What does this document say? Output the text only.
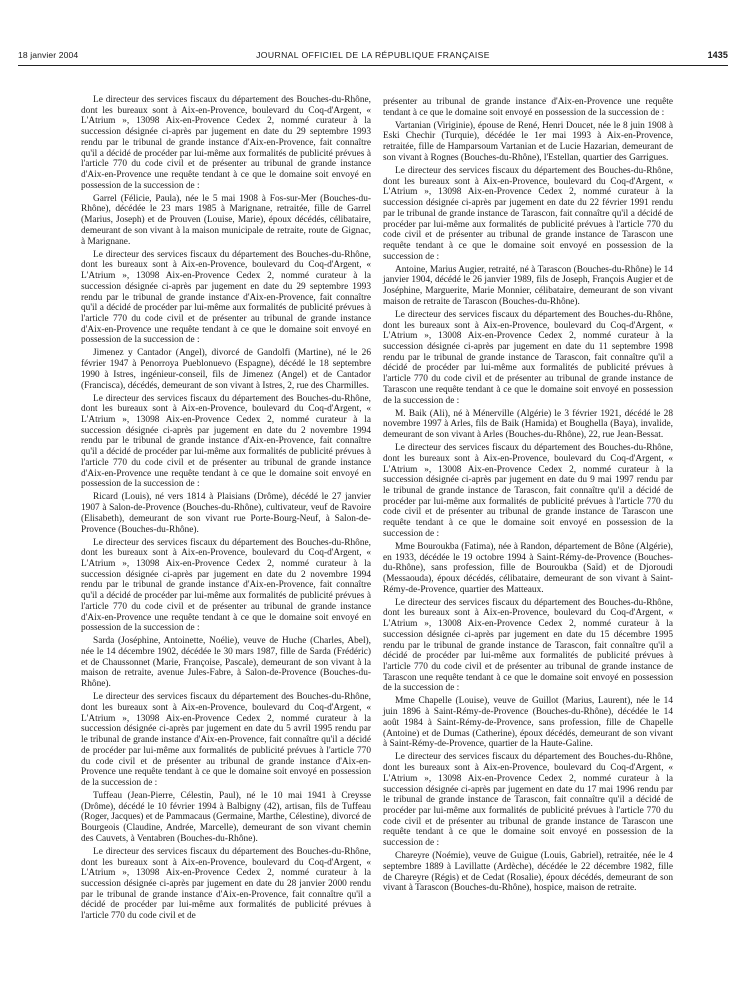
18 janvier 2004	JOURNAL OFFICIEL DE LA RÉPUBLIQUE FRANÇAISE	1435

Le directeur des services fiscaux du département des Bouches-du-Rhône, dont les bureaux sont à Aix-en-Provence, boulevard du Coq-d'Argent, « L'Atrium », 13098 Aix-en-Provence Cedex 2, nommé curateur à la succession désignée ci-après par jugement en date du 29 septembre 1993 rendu par le tribunal de grande instance d'Aix-en-Provence, fait connaître qu'il a décidé de procéder par lui-même aux formalités de publicité prévues à l'article 770 du code civil et de présenter au tribunal de grande instance d'Aix-en-Provence une requête tendant à ce que le domaine soit envoyé en possession de la succession de :

Garrel (Félicie, Paula), née le 5 mai 1908 à Fos-sur-Mer (Bouches-du-Rhône), décédée le 23 mars 1985 à Marignane, retraitée, fille de Garrel (Marius, Joseph) et de Prouven (Louise, Marie), époux décédés, célibataire, demeurant de son vivant à la maison municipale de retraite, route de Gignac, à Marignane.

Le directeur des services fiscaux du département des Bouches-du-Rhône, dont les bureaux sont à Aix-en-Provence, boulevard du Coq-d'Argent, « L'Atrium », 13098 Aix-en-Provence Cedex 2, nommé curateur à la succession désignée ci-après par jugement en date du 29 septembre 1993 rendu par le tribunal de grande instance d'Aix-en-Provence, fait connaître qu'il a décidé de procéder par lui-même aux formalités de publicité prévues à l'article 770 du code civil et de présenter au tribunal de grande instance d'Aix-en-Provence une requête tendant à ce que le domaine soit envoyé en possession de la succession de :

Jimenez y Cantador (Angel), divorcé de Gandolfi (Martine), né le 26 février 1947 à Penorroya Pueblonuevo (Espagne), décédé le 18 septembre 1990 à Istres, ingénieur-conseil, fils de Jimenez (Angel) et de Cantador (Francisca), décédés, demeurant de son vivant à Istres, 2, rue des Charmilles.

Le directeur des services fiscaux du département des Bouches-du-Rhône, dont les bureaux sont à Aix-en-Provence, boulevard du Coq-d'Argent, « L'Atrium », 13098 Aix-en-Provence Cedex 2, nommé curateur à la succession désignée ci-après par jugement en date du 2 novembre 1994 rendu par le tribunal de grande instance d'Aix-en-Provence, fait connaître qu'il a décidé de procéder par lui-même aux formalités de publicité prévues à l'article 770 du code civil et de présenter au tribunal de grande instance d'Aix-en-Provence une requête tendant à ce que le domaine soit envoyé en possession de la succession de :

Ricard (Louis), né vers 1814 à Plaisians (Drôme), décédé le 27 janvier 1907 à Salon-de-Provence (Bouches-du-Rhône), cultivateur, veuf de Ravoire (Elisabeth), demeurant de son vivant rue Porte-Bourg-Neuf, à Salon-de-Provence (Bouches-du-Rhône).

Le directeur des services fiscaux du département des Bouches-du-Rhône, dont les bureaux sont à Aix-en-Provence, boulevard du Coq-d'Argent, « L'Atrium », 13098 Aix-en-Provence Cedex 2, nommé curateur à la succession désignée ci-après par jugement en date du 2 novembre 1994 rendu par le tribunal de grande instance d'Aix-en-Provence, fait connaître qu'il a décidé de procéder par lui-même aux formalités de publicité prévues à l'article 770 du code civil et de présenter au tribunal de grande instance d'Aix-en-Provence une requête tendant à ce que le domaine soit envoyé en possession de la succession de :

Sarda (Joséphine, Antoinette, Noélie), veuve de Huche (Charles, Abel), née le 14 décembre 1902, décédée le 30 mars 1987, fille de Sarda (Frédéric) et de Chaussonnet (Marie, Françoise, Pascale), demeurant de son vivant à la maison de retraite, avenue Jules-Fabre, à Salon-de-Provence (Bouches-du-Rhône).

Le directeur des services fiscaux du département des Bouches-du-Rhône, dont les bureaux sont à Aix-en-Provence, boulevard du Coq-d'Argent, « L'Atrium », 13098 Aix-en-Provence Cedex 2, nommé curateur à la succession désignée ci-après par jugement en date du 5 avril 1995 rendu par le tribunal de grande instance d'Aix-en-Provence, fait connaître qu'il a décidé de procéder par lui-même aux formalités de publicité prévues à l'article 770 du code civil et de présenter au tribunal de grande instance d'Aix-en-Provence une requête tendant à ce que le domaine soit envoyé en possession de la succession de :

Tuffeau (Jean-Pierre, Célestin, Paul), né le 10 mai 1941 à Creysse (Drôme), décédé le 10 février 1994 à Balbigny (42), artisan, fils de Tuffeau (Roger, Jacques) et de Pammacaus (Germaine, Marthe, Célestine), divorcé de Bourgeois (Claudine, Andrée, Marcelle), demeurant de son vivant chemin des Cauvets, à Ventabren (Bouches-du-Rhône).

Le directeur des services fiscaux du département des Bouches-du-Rhône, dont les bureaux sont à Aix-en-Provence, boulevard du Coq-d'Argent, « L'Atrium », 13098 Aix-en-Provence Cedex 2, nommé curateur à la succession désignée ci-après par jugement en date du 28 janvier 2000 rendu par le tribunal de grande instance d'Aix-en-Provence, fait connaître qu'il a décidé de procéder par lui-même aux formalités de publicité prévues à l'article 770 du code civil et de

présenter au tribunal de grande instance d'Aix-en-Provence une requête tendant à ce que le domaine soit envoyé en possession de la succession de :

Vartanian (Viriginie), épouse de René, Henri Doucet, née le 8 juin 1908 à Eski Chechir (Turquie), décédée le 1er mai 1993 à Aix-en-Provence, retraitée, fille de Hamparsoum Vartanian et de Lucie Hazarian, demeurant de son vivant à Rognes (Bouches-du-Rhône), l'Estellan, quartier des Garrigues.

Le directeur des services fiscaux du département des Bouches-du-Rhône, dont les bureaux sont à Aix-en-Provence, boulevard du Coq-d'Argent, « L'Atrium », 13098 Aix-en-Provence Cedex 2, nommé curateur à la succession désignée ci-après par jugement en date du 22 février 1991 rendu par le tribunal de grande instance de Tarascon, fait connaître qu'il a décidé de procéder par lui-même aux formalités de publicité prévues à l'article 770 du code civil et de présenter au tribunal de grande instance de Tarascon une requête tendant à ce que le domaine soit envoyé en possession de la succession de :

Antoine, Marius Augier, retraité, né à Tarascon (Bouches-du-Rhône) le 14 janvier 1904, décédé le 26 janvier 1989, fils de Joseph, François Augier et de Joséphine, Marguerite, Marie Monnier, célibataire, demeurant de son vivant maison de retraite de Tarascon (Bouches-du-Rhône).

Le directeur des services fiscaux du département des Bouches-du-Rhône, dont les bureaux sont à Aix-en-Provence, boulevard du Coq-d'Argent, « L'Atrium », 13008 Aix-en-Provence Cedex 2, nommé curateur à la succession désignée ci-après par jugement en date du 11 septembre 1998 rendu par le tribunal de grande instance de Tarascon, fait connaître qu'il a décidé de procéder par lui-même aux formalités de publicité prévues à l'article 770 du code civil et de présenter au tribunal de grande instance de Tarascon une requête tendant à ce que le domaine soit envoyé en possession de la succession de :

M. Baik (Ali), né à Ménerville (Algérie) le 3 février 1921, décédé le 28 novembre 1997 à Arles, fils de Baik (Hamida) et Boughella (Baya), invalide, demeurant de son vivant à Arles (Bouches-du-Rhône), 22, rue Jean-Bessat.

Le directeur des services fiscaux du département des Bouches-du-Rhône, dont les bureaux sont à Aix-en-Provence, boulevard du Coq-d'Argent, « L'Atrium », 13008 Aix-en-Provence Cedex 2, nommé curateur à la succession désignée ci-après par jugement en date du 9 mai 1997 rendu par le tribunal de grande instance de Tarascon, fait connaître qu'il a décidé de procéder par lui-même aux formalités de publicité prévues à l'article 770 du code civil et de présenter au tribunal de grande instance de Tarascon une requête tendant à ce que le domaine soit envoyé en possession de la succession de :

Mme Bouroukba (Fatima), née à Randon, département de Bône (Algérie), en 1933, décédée le 19 octobre 1994 à Saint-Rémy-de-Provence (Bouches-du-Rhône), sans profession, fille de Bouroukba (Saïd) et de Djoroudi (Messaouda), époux décédés, célibataire, demeurant de son vivant à Saint-Rémy-de-Provence, quartier des Matteaux.

Le directeur des services fiscaux du département des Bouches-du-Rhône, dont les bureaux sont à Aix-en-Provence, boulevard du Coq-d'Argent, « L'Atrium », 13008 Aix-en-Provence Cedex 2, nommé curateur à la succession désignée ci-après par jugement en date du 15 décembre 1995 rendu par le tribunal de grande instance de Tarascon, fait connaître qu'il a décidé de procéder par lui-même aux formalités de publicité prévues à l'article 770 du code civil et de présenter au tribunal de grande instance de Tarascon une requête tendant à ce que le domaine soit envoyé en possession de la succession de :

Mme Chapelle (Louise), veuve de Guillot (Marius, Laurent), née le 14 juin 1896 à Saint-Rémy-de-Provence (Bouches-du-Rhône), décédée le 14 août 1984 à Saint-Rémy-de-Provence, sans profession, fille de Chapelle (Antoine) et de Dumas (Catherine), époux décédés, demeurant de son vivant à Saint-Rémy-de-Provence, quartier de la Haute-Galine.

Le directeur des services fiscaux du département des Bouches-du-Rhône, dont les bureaux sont à Aix-en-Provence, boulevard du Coq-d'Argent, « L'Atrium », 13098 Aix-en-Provence Cedex 2, nommé curateur à la succession désignée ci-après par jugement en date du 17 mai 1996 rendu par le tribunal de grande instance de Tarascon, fait connaître qu'il a décidé de procéder par lui-même aux formalités de publicité prévues à l'article 770 du code civil et de présenter au tribunal de grande instance de Tarascon une requête tendant à ce que le domaine soit envoyé en possession de la succession de :

Chareyre (Noémie), veuve de Guigue (Louis, Gabriel), retraitée, née le 4 septembre 1889 à Lavillatte (Ardèche), décédée le 22 décembre 1982, fille de Chareyre (Régis) et de Cedat (Rosalie), époux décédés, demeurant de son vivant à Tarascon (Bouches-du-Rhône), hospice, maison de retraite.
